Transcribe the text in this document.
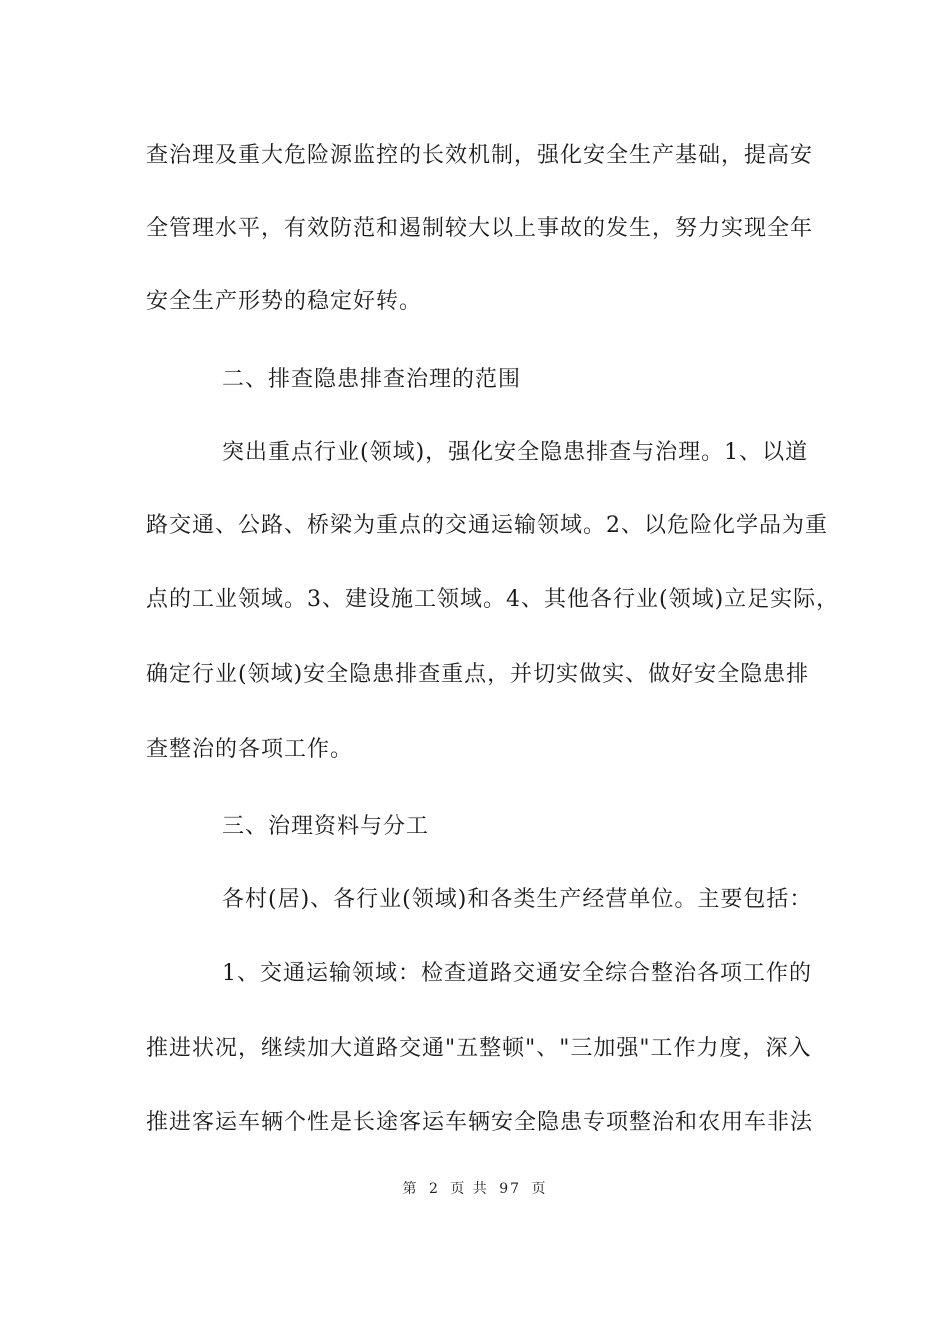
查治理及重大危险源监控的长效机制，强化安全生产基础，提高安
全管理水平，有效防范和遏制较大以上事故的发生，努力实现全年
安全生产形势的稳定好转。
二、排查隐患排查治理的范围
突出重点行业(领域)，强化安全隐患排查与治理。1、以道
路交通、公路、桥梁为重点的交通运输领域。2、以危险化学品为重
点的工业领域。3、建设施工领域。4、其他各行业(领域)立足实际，
确定行业(领域)安全隐患排查重点，并切实做实、做好安全隐患排
查整治的各项工作。
三、治理资料与分工
各村(居)、各行业(领域)和各类生产经营单位。主要包括：
1、交通运输领域：检查道路交通安全综合整治各项工作的
推进状况，继续加大道路交通"五整顿"、"三加强"工作力度，深入
推进客运车辆个性是长途客运车辆安全隐患专项整治和农用车非法
第 2 页 共 97 页
